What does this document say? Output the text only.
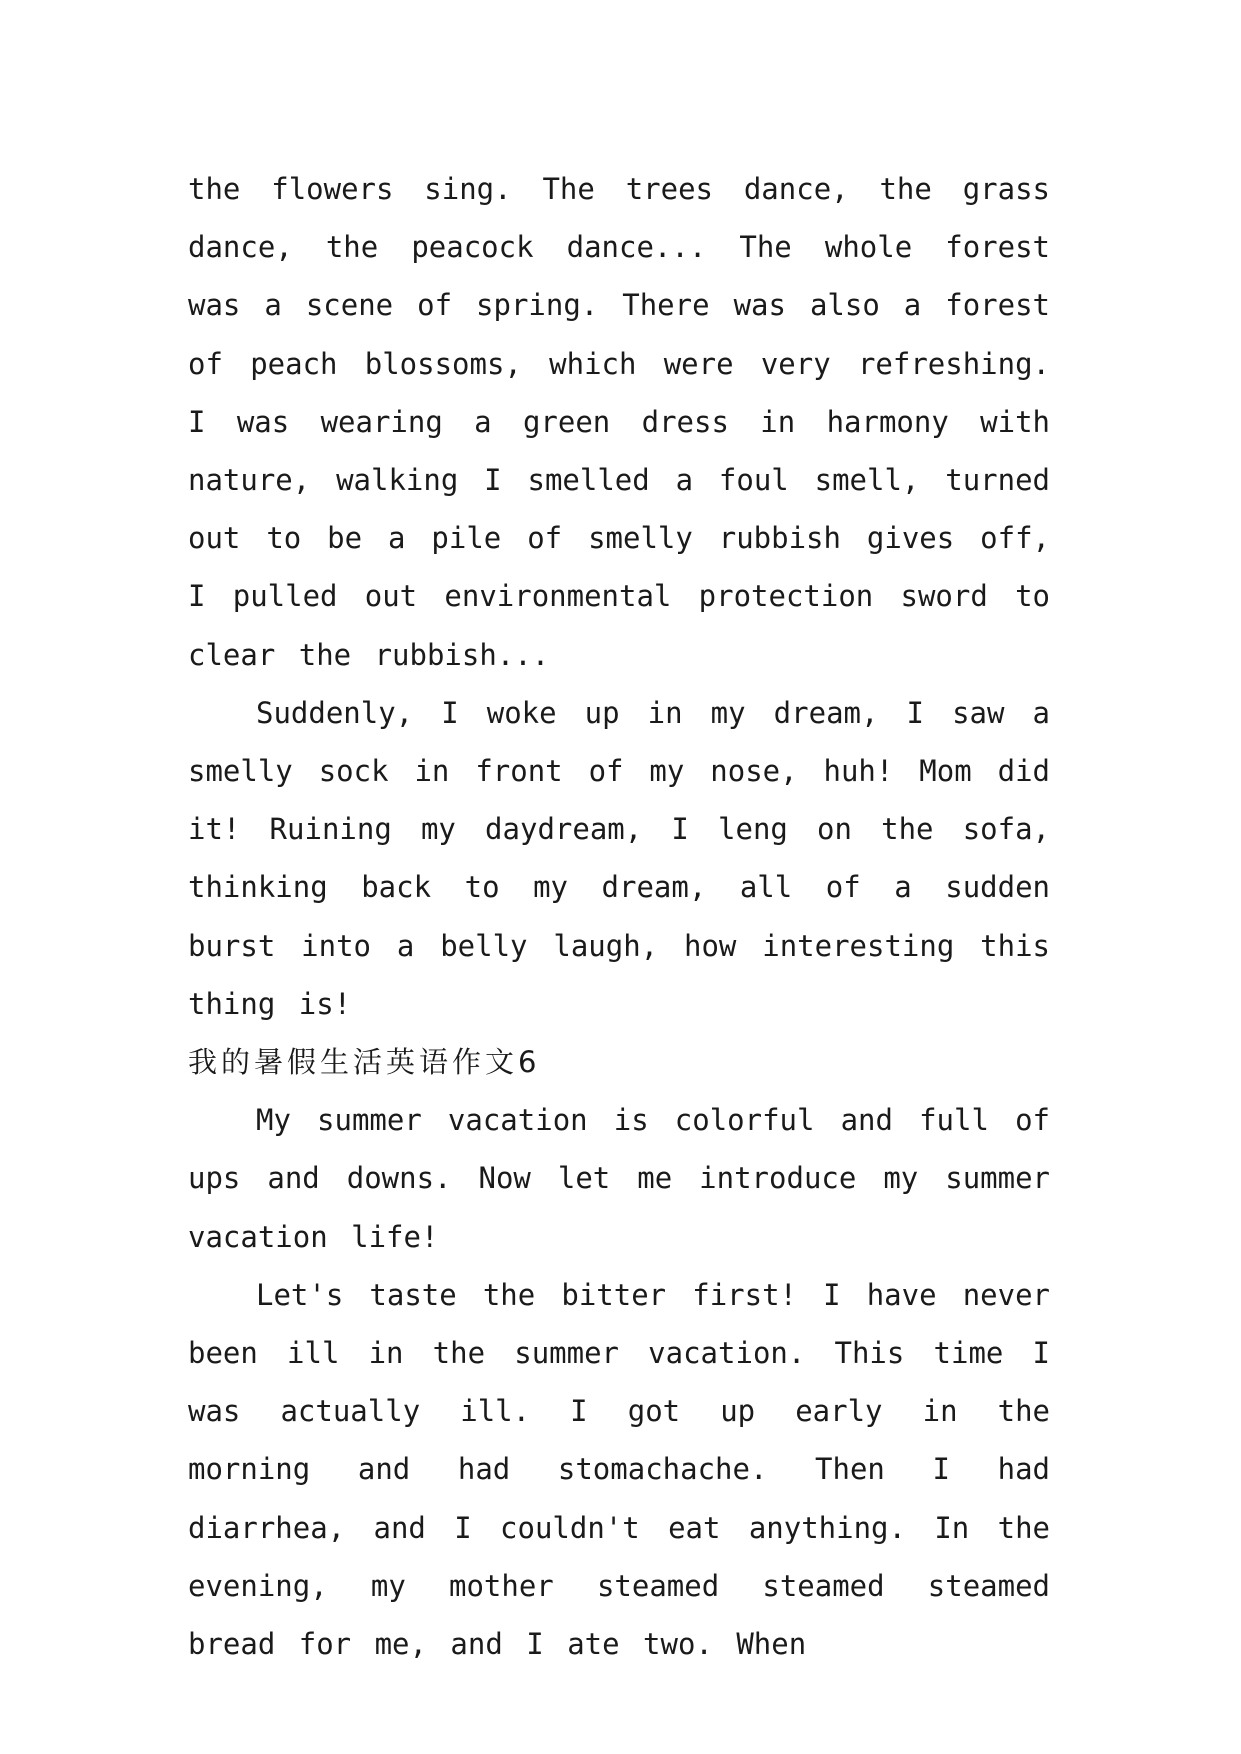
the flowers sing. The trees dance, the grass dance, the peacock dance... The whole forest was a scene of spring. There was also a forest of peach blossoms, which were very refreshing. I was wearing a green dress in harmony with nature, walking I smelled a foul smell, turned out to be a pile of smelly rubbish gives off, I pulled out environmental protection sword to clear the rubbish...

Suddenly, I woke up in my dream, I saw a smelly sock in front of my nose, huh! Mom did it! Ruining my daydream, I leng on the sofa, thinking back to my dream, all of a sudden burst into a belly laugh, how interesting this thing is!

我的暑假生活英语作文6

My summer vacation is colorful and full of ups and downs. Now let me introduce my summer vacation life!

Let's taste the bitter first! I have never been ill in the summer vacation. This time I was actually ill. I got up early in the morning and had stomachache. Then I had diarrhea, and I couldn't eat anything. In the evening, my mother steamed steamed steamed bread for me, and I ate two. When
